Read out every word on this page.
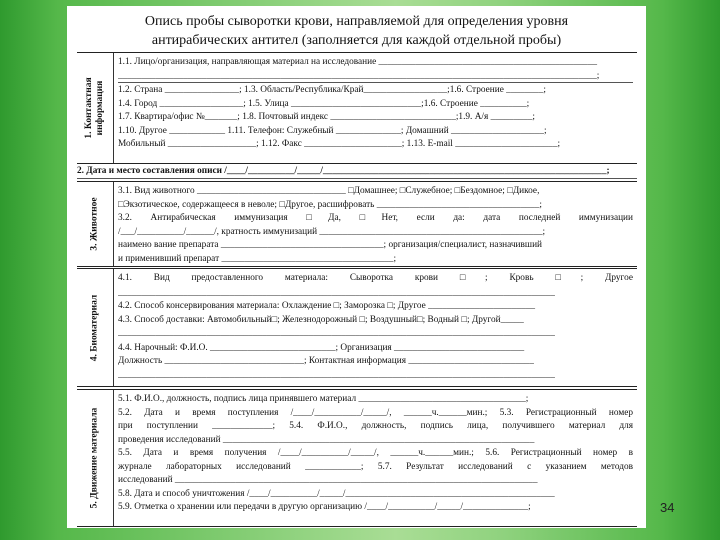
Опись пробы сыворотки крови, направляемой для определения уровня
антирабических антител (заполняется для каждой отдельной пробы)
1. Контактная информация
1.1. Лицо/организация, направляющая материал на исследование _______________________________________________
_______________________________________________________________________________________________________;
1.2. Страна ________________; 1.3. Область/Республика/Край__________________;1.6. Строение ________;
1.4. Город __________________; 1.5. Улица ____________________________;1.6. Строение __________;
1.7. Квартира/офис №_______; 1.8. Почтовый индекс ___________________________;1.9. А/я _________;
1.10. Другое ____________ 1.11. Телефон: Служебный ______________; Домашний ____________________;
Мобильный ___________________; 1.12. Факс _____________________; 1.13. E-mail ______________________;
2. Дата и место составления описи /____/__________/_____/_____________________________________________________________;
3. Животное
3.1. Вид животного ________________________________ □Домашнее; □Служебное; □Бездомное; □Дикое,
□Экзотическое, содержащееся в неволе; □Другое, расшифровать ___________________________________;
3.2. Антирабическая иммунизация □Да, □Нет, если да: дата последней иммунизации
/___/__________/______/, кратность иммунизаций ________________________________________________;
наимено вание препарата ___________________________________; организация/специалист, назначивший
и применивший препарат _____________________________________;
4. Биоматериал
4.1. Вид предоставленного материала: Сыворотка крови □; Кровь □; Другое
______________________________________________________________________________________________
4.2. Способ консервирования материала: Охлаждение □; Заморозка □; Другое _______________________
4.3. Способ доставки: Автомобильный□; Железнодорожный □; Воздушный□; Водный □; Другой_____
______________________________________________________________________________________________
4.4. Нарочный: Ф.И.О. ___________________________; Организация ____________________________
Должность ______________________________; Контактная информация ___________________________
______________________________________________________________________________________________
5. Движение материала
5.1. Ф.И.О., должность, подпись лица принявшего материал ____________________________________;
5.2. Дата и время поступления /____/__________/_____/, ______ч.______мин.; 5.3. Регистрационный номер
при поступлении _____________; 5.4. Ф.И.О., должность, подпись лица, получившего материал для
проведения исследований ___________________________________________________________________
5.5. Дата и время получения /____/__________/_____/, ______ч.______мин.; 5.6. Регистрационный номер в
журнале лабораторных исследований ____________; 5.7. Результат исследований с указанием методов
исследований ______________________________________________________________________________
5.8. Дата и способ уничтожения /____/__________/_____/_____________________________________________
5.9. Отметка о хранении или передачи в другую организацию /____/__________/_____/______________;	34
